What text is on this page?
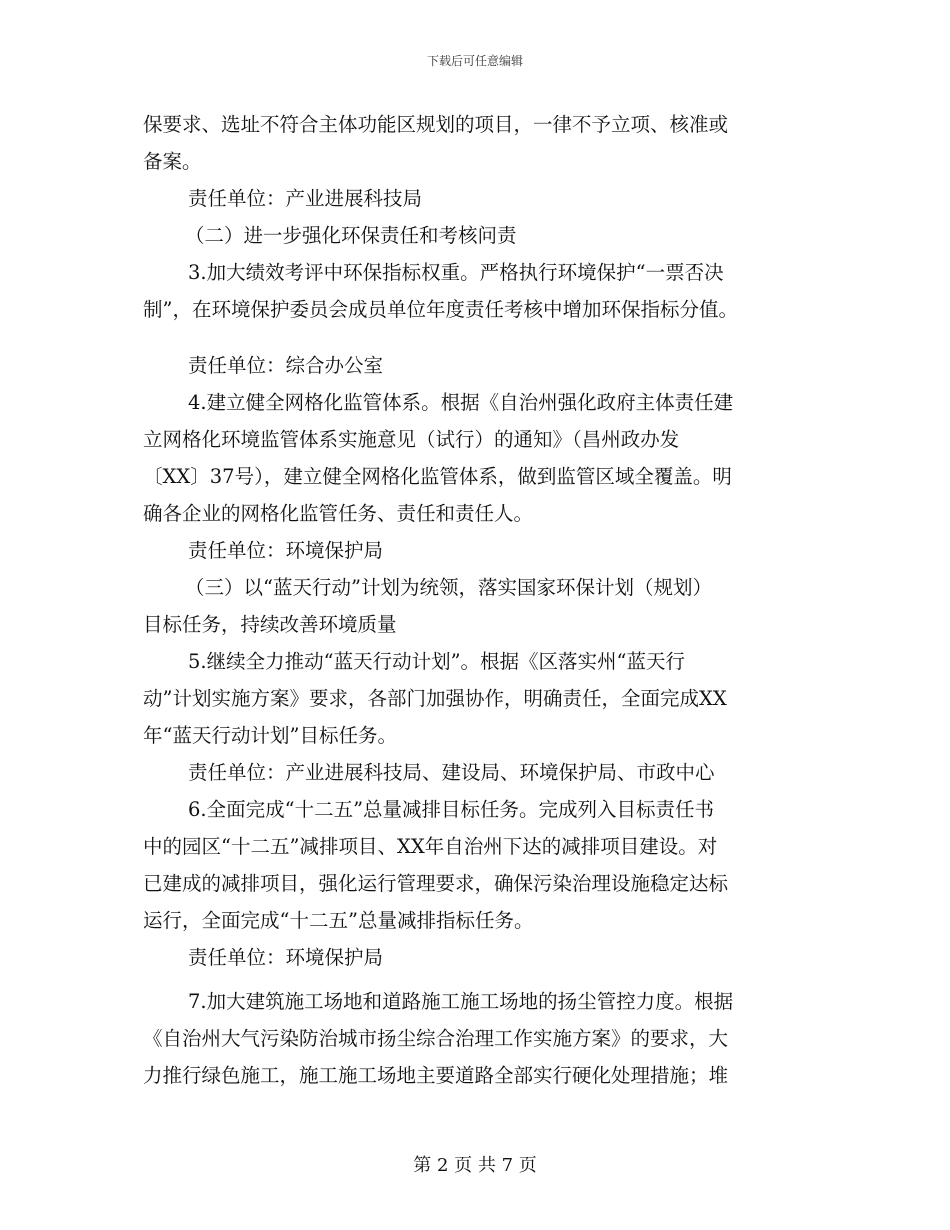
下载后可任意编辑

保要求、选址不符合主体功能区规划的项目，一律不予立项、核准或

备案。

责任单位：产业进展科技局

（二）进一步强化环保责任和考核问责

3.加大绩效考评中环保指标权重。严格执行环境保护“一票否决

制”，在环境保护委员会成员单位年度责任考核中增加环保指标分值。

责任单位：综合办公室

4.建立健全网格化监管体系。根据《自治州强化政府主体责任建

立网格化环境监管体系实施意见（试行）的通知》（昌州政办发

〔XX〕37号），建立健全网格化监管体系，做到监管区域全覆盖。明

确各企业的网格化监管任务、责任和责任人。

责任单位：环境保护局

（三）以“蓝天行动”计划为统领，落实国家环保计划（规划）

目标任务，持续改善环境质量

5.继续全力推动“蓝天行动计划”。根据《区落实州“蓝天行

动”计划实施方案》要求，各部门加强协作，明确责任，全面完成XX

年“蓝天行动计划”目标任务。

责任单位：产业进展科技局、建设局、环境保护局、市政中心

6.全面完成“十二五”总量减排目标任务。完成列入目标责任书

中的园区“十二五”减排项目、XX年自治州下达的减排项目建设。对

已建成的减排项目，强化运行管理要求，确保污染治理设施稳定达标

运行，全面完成“十二五”总量减排指标任务。

责任单位：环境保护局

7.加大建筑施工场地和道路施工施工场地的扬尘管控力度。根据

《自治州大气污染防治城市扬尘综合治理工作实施方案》的要求，大

力推行绿色施工，施工施工场地主要道路全部实行硬化处理措施；堆

第 2 页 共 7 页
